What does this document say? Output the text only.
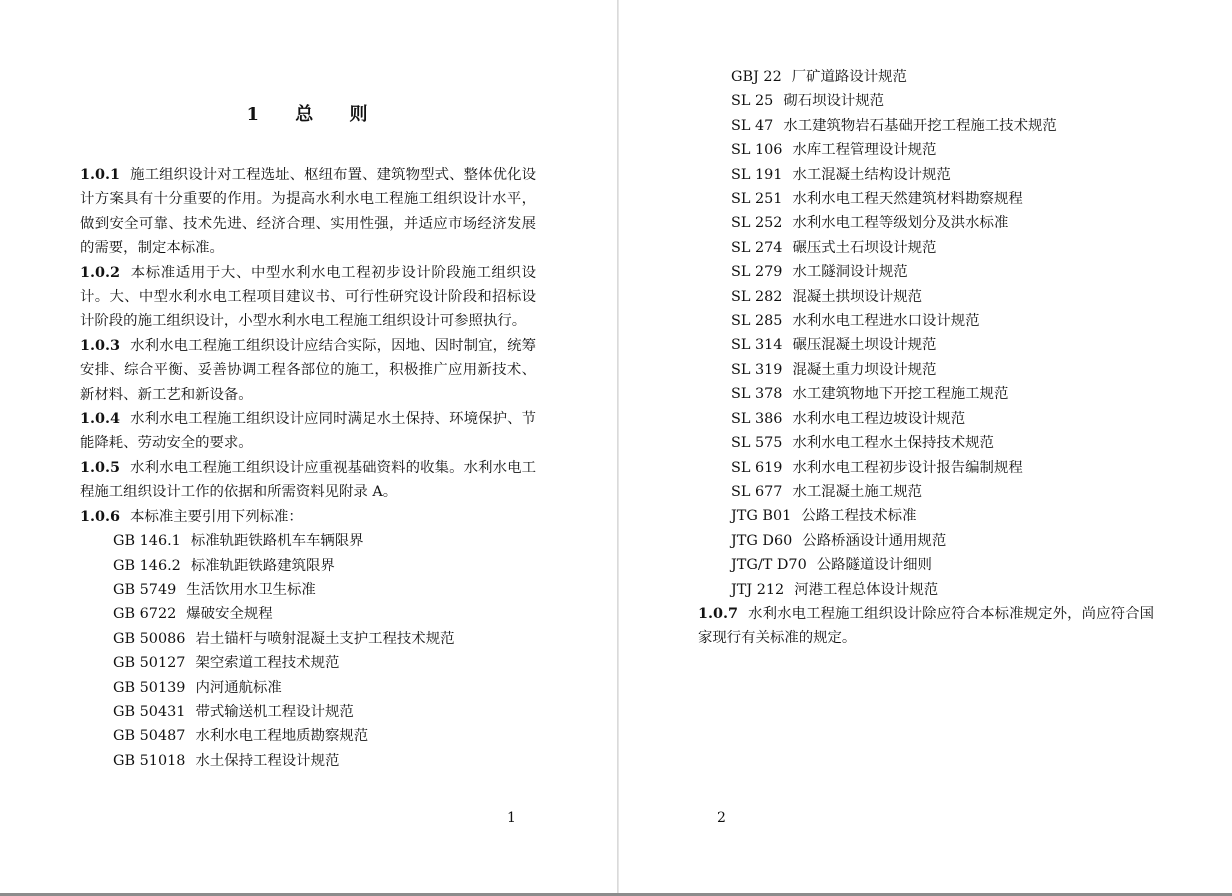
1 总 则

1.0.1 施工组织设计对工程选址、枢纽布置、建筑物型式、整体优化设计方案具有十分重要的作用。为提高水利水电工程施工组织设计水平，做到安全可靠、技术先进、经济合理、实用性强，并适应市场经济发展的需要，制定本标准。

1.0.2 本标准适用于大、中型水利水电工程初步设计阶段施工组织设计。大、中型水利水电工程项目建议书、可行性研究设计阶段和招标设计阶段的施工组织设计，小型水利水电工程施工组织设计可参照执行。

1.0.3 水利水电工程施工组织设计应结合实际，因地、因时制宜，统筹安排、综合平衡、妥善协调工程各部位的施工，积极推广应用新技术、新材料、新工艺和新设备。

1.0.4 水利水电工程施工组织设计应同时满足水土保持、环境保护、节能降耗、劳动安全的要求。

1.0.5 水利水电工程施工组织设计应重视基础资料的收集。水利水电工程施工组织设计工作的依据和所需资料见附录 A。

1.0.6 本标准主要引用下列标准：

GB 146.1 标准轨距铁路机车车辆限界
GB 146.2 标准轨距铁路建筑限界
GB 5749 生活饮用水卫生标准
GB 6722 爆破安全规程
GB 50086 岩土锚杆与喷射混凝土支护工程技术规范
GB 50127 架空索道工程技术规范
GB 50139 内河通航标准
GB 50431 带式输送机工程设计规范
GB 50487 水利水电工程地质勘察规范
GB 51018 水土保持工程设计规范
1
GBJ 22 厂矿道路设计规范
SL 25 砌石坝设计规范
SL 47 水工建筑物岩石基础开挖工程施工技术规范
SL 106 水库工程管理设计规范
SL 191 水工混凝土结构设计规范
SL 251 水利水电工程天然建筑材料勘察规程
SL 252 水利水电工程等级划分及洪水标准
SL 274 碾压式土石坝设计规范
SL 279 水工隧洞设计规范
SL 282 混凝土拱坝设计规范
SL 285 水利水电工程进水口设计规范
SL 314 碾压混凝土坝设计规范
SL 319 混凝土重力坝设计规范
SL 378 水工建筑物地下开挖工程施工规范
SL 386 水利水电工程边坡设计规范
SL 575 水利水电工程水土保持技术规范
SL 619 水利水电工程初步设计报告编制规程
SL 677 水工混凝土施工规范
JTG B01 公路工程技术标准
JTG D60 公路桥涵设计通用规范
JTG/T D70 公路隧道设计细则
JTJ 212 河港工程总体设计规范

1.0.7 水利水电工程施工组织设计除应符合本标准规定外，尚应符合国家现行有关标准的规定。

2
